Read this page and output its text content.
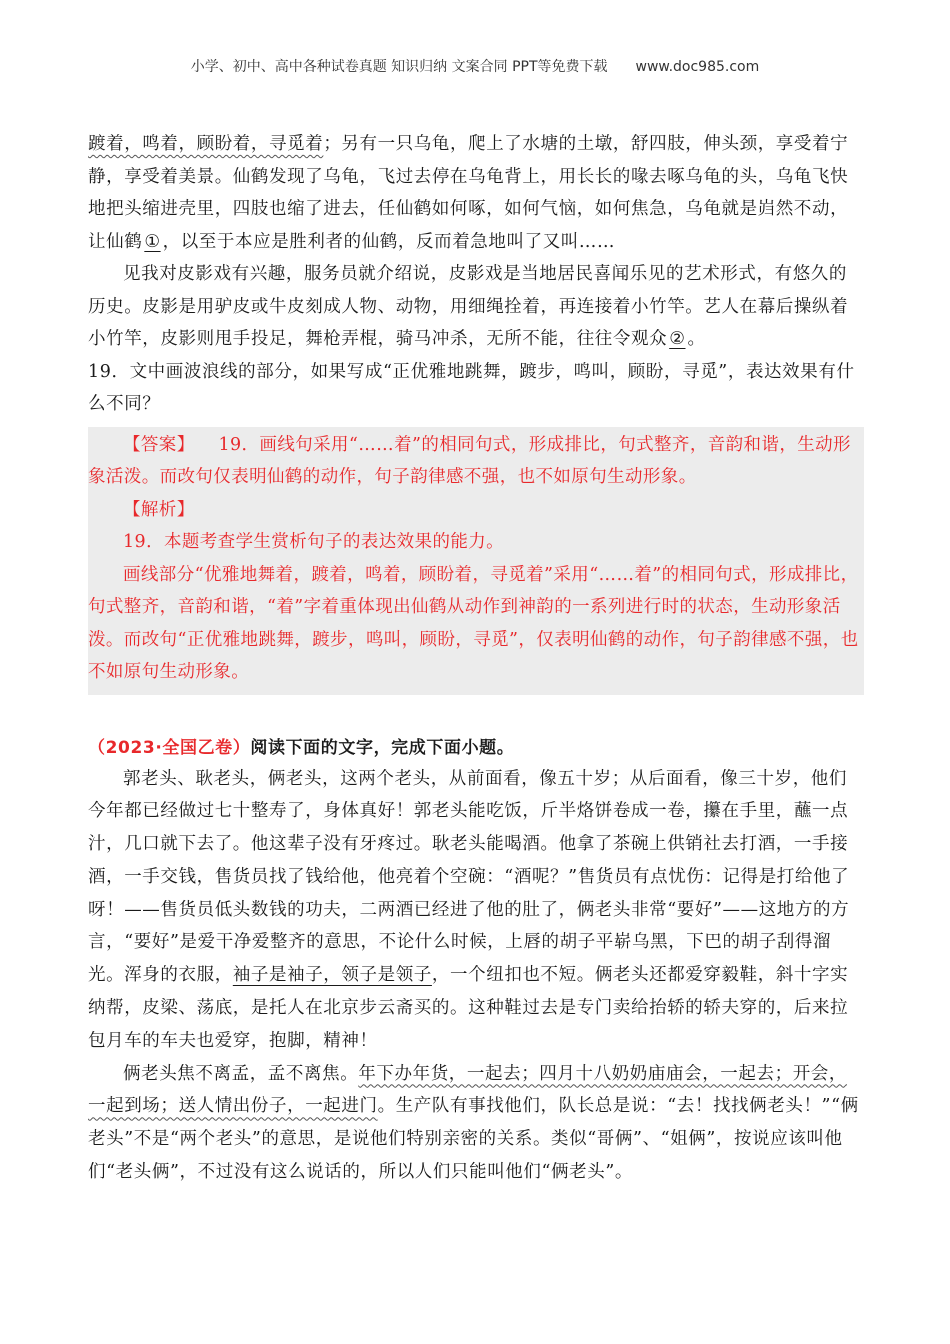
小学、初中、高中各种试卷真题 知识归纳 文案合同 PPT等免费下载 www.doc985.com

踱着，鸣着，顾盼着，寻觅着；另有一只乌龟，爬上了水塘的土墩，舒四肢，伸头颈，享受着宁静，享受着美景。仙鹤发现了乌龟，飞过去停在乌龟背上，用长长的喙去啄乌龟的头，乌龟飞快地把头缩进壳里，四肢也缩了进去，任仙鹤如何啄，如何气恼，如何焦急，乌龟就是岿然不动，让仙鹤 ① ，以至于本应是胜利者的仙鹤，反而着急地叫了又叫……

见我对皮影戏有兴趣，服务员就介绍说，皮影戏是当地居民喜闻乐见的艺术形式，有悠久的历史。皮影是用驴皮或牛皮刻成人物、动物，用细绳拴着，再连接着小竹竿。艺人在幕后操纵着小竹竿，皮影则甩手投足，舞枪弄棍，骑马冲杀，无所不能，往往令观众 ② 。

19．文中画波浪线的部分，如果写成“正优雅地跳舞，踱步，鸣叫，顾盼，寻觅”，表达效果有什么不同？

【答案】 19．画线句采用“……着”的相同句式，形成排比，句式整齐，音韵和谐，生动形象活泼。而改句仅表明仙鹤的动作，句子韵律感不强，也不如原句生动形象。

【解析】

19．本题考查学生赏析句子的表达效果的能力。

画线部分“优雅地舞着，踱着，鸣着，顾盼着，寻觅着”采用“……着”的相同句式，形成排比，句式整齐，音韵和谐，“着”字着重体现出仙鹤从动作到神韵的一系列进行时的状态，生动形象活泼。而改句“正优雅地跳舞，踱步，鸣叫，顾盼，寻觅”，仅表明仙鹤的动作，句子韵律感不强，也不如原句生动形象。

（2023·全国乙卷）阅读下面的文字，完成下面小题。

郭老头、耿老头，俩老头，这两个老头，从前面看，像五十岁；从后面看，像三十岁，他们今年都已经做过七十整寿了，身体真好！郭老头能吃饭，斤半烙饼卷成一卷，攥在手里，蘸一点汁，几口就下去了。他这辈子没有牙疼过。耿老头能喝酒。他拿了茶碗上供销社去打酒，一手接酒，一手交钱，售货员找了钱给他，他亮着个空碗：“酒呢？”售货员有点忧伤：记得是打给他了呀！——售货员低头数钱的功夫，二两酒已经进了他的肚了，俩老头非常“要好”——这地方的方言，“要好”是爱干净爱整齐的意思，不论什么时候，上唇的胡子平崭乌黑，下巴的胡子刮得溜光。浑身的衣服，袖子是袖子，领子是领子，一个纽扣也不短。俩老头还都爱穿毅鞋，斜十字实纳帮，皮梁、荡底，是托人在北京步云斋买的。这种鞋过去是专门卖给抬轿的轿夫穿的，后来拉包月车的车夫也爱穿，抱脚，精神！

俩老头焦不离孟，孟不离焦。年下办年货，一起去；四月十八奶奶庙庙会，一起去；开会，一起到场；送人情出份子，一起进门。生产队有事找他们，队长总是说：“去！找找俩老头！”“俩老头”不是“两个老头”的意思，是说他们特别亲密的关系。类似“哥俩”、“姐俩”，按说应该叫他们“老头俩”，不过没有这么说话的，所以人们只能叫他们“俩老头”。
